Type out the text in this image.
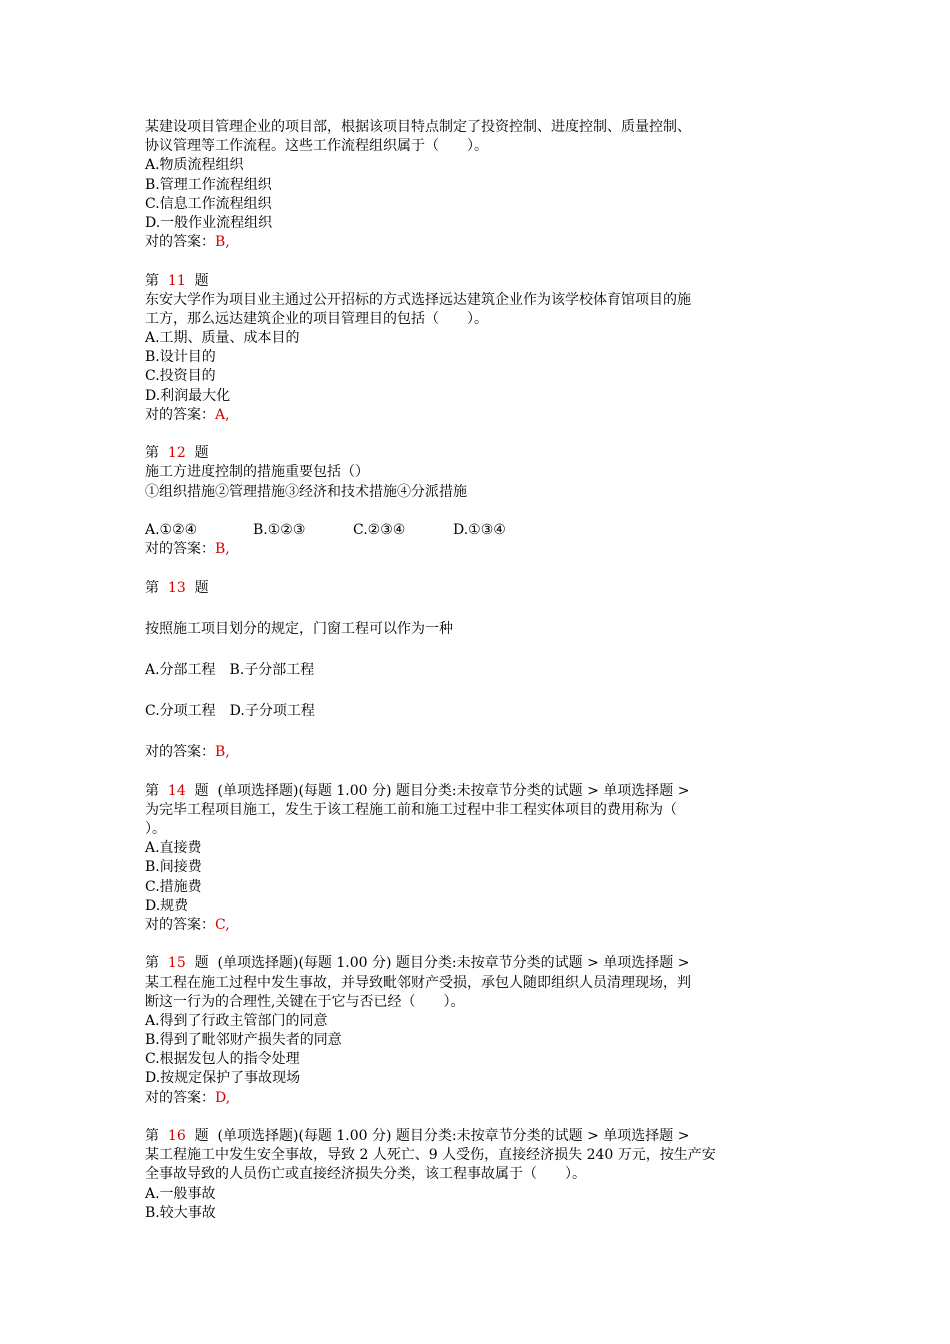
某建设项目管理企业的项目部，根据该项目特点制定了投资控制、进度控制、质量控制、
协议管理等工作流程。这些工作流程组织属于（　　）。
A.物质流程组织
B.管理工作流程组织
C.信息工作流程组织
D.一般作业流程组织
对的答案：B,
第 11 题
东安大学作为项目业主通过公开招标的方式选择远达建筑企业作为该学校体育馆项目的施
工方，那么远达建筑企业的项目管理目的包括（　　）。
A.工期、质量、成本目的
B.设计目的
C.投资目的
D.利润最大化
对的答案：A,
第 12 题
施工方进度控制的措施重要包括（）
①组织措施②管理措施③经济和技术措施④分派措施
A.①②④	B.①②③	C.②③④	D.①③④
对的答案：B,
第 13 题
按照施工项目划分的规定，门窗工程可以作为一种
A.分部工程　B.子分部工程
C.分项工程　D.子分项工程
对的答案：B,
第 14 题 (单项选择题)(每题 1.00 分) 题目分类:未按章节分类的试题 > 单项选择题 >
为完毕工程项目施工，发生于该工程施工前和施工过程中非工程实体项目的费用称为（
）。
A.直接费
B.间接费
C.措施费
D.规费
对的答案：C,
第 15 题 (单项选择题)(每题 1.00 分) 题目分类:未按章节分类的试题 > 单项选择题 >
某工程在施工过程中发生事故，并导致毗邻财产受损，承包人随即组织人员清理现场，判
断这一行为的合理性,关键在于它与否已经（　　）。
A.得到了行政主管部门的同意
B.得到了毗邻财产损失者的同意
C.根据发包人的指令处理
D.按规定保护了事故现场
对的答案：D,
第 16 题 (单项选择题)(每题 1.00 分) 题目分类:未按章节分类的试题 > 单项选择题 >
某工程施工中发生安全事故，导致 2 人死亡、9 人受伤，直接经济损失 240 万元，按生产安
全事故导致的人员伤亡或直接经济损失分类，该工程事故属于（　　）。
A.一般事故
B.较大事故
